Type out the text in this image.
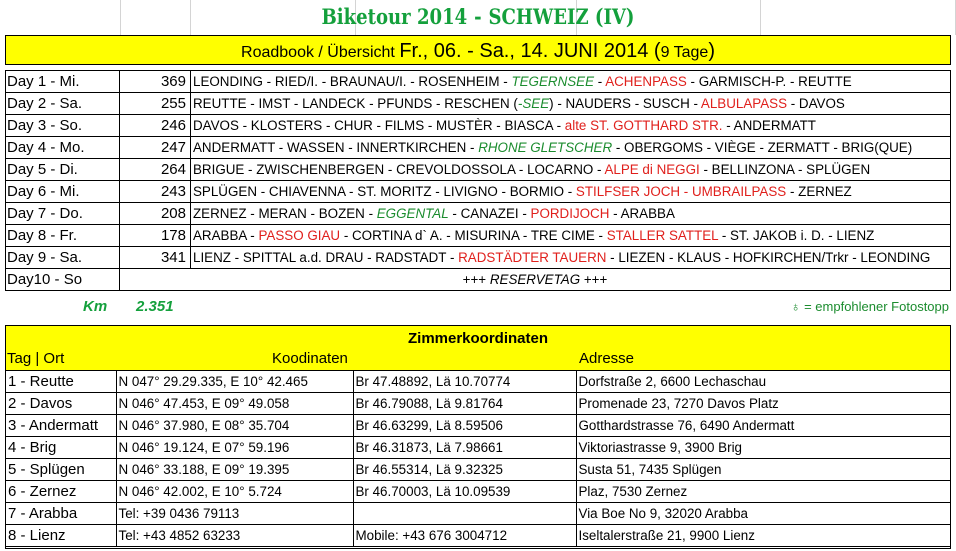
Biketour 2014 - SCHWEIZ (IV)
Roadbook / Übersicht Fr., 06. - Sa., 14. JUNI 2014 (9 Tage)
Day 1 - Mi.	369	LEONDING - RIED/I. - BRAUNAU/I. - ROSENHEIM - TEGERNSEE - ACHENPASS - GARMISCH-P. - REUTTE
Day 2 - Sa.	255	REUTTE - IMST - LANDECK - PFUNDS - RESCHEN (-SEE) - NAUDERS - SUSCH - ALBULAPASS - DAVOS
Day 3 - So.	246	DAVOS - KLOSTERS - CHUR - FILMS - MUSTÈR - BIASCA - alte ST. GOTTHARD STR. - ANDERMATT
Day 4 - Mo.	247	ANDERMATT - WASSEN - INNERTKIRCHEN - RHONE GLETSCHER - OBERGOMS - VIÈGE - ZERMATT - BRIG(QUE)
Day 5 - Di.	264	BRIGUE - ZWISCHENBERGEN - CREVOLDOSSOLA - LOCARNO - ALPE di NEGGI - BELLINZONA - SPLÜGEN
Day 6 - Mi.	243	SPLÜGEN - CHIAVENNA - ST. MORITZ - LIVIGNO - BORMIO - STILFSER JOCH - UMBRAILPASS - ZERNEZ
Day 7 - Do.	208	ZERNEZ - MERAN - BOZEN - EGGENTAL - CANAZEI - PORDIJOCH - ARABBA
Day 8 - Fr.	178	ARABBA - PASSO GIAU - CORTINA d` A. - MISURINA - TRE CIME - STALLER SATTEL - ST. JAKOB i. D. - LIENZ
Day 9 - Sa.	341	LIENZ - SPITTAL a.d. DRAU - RADSTADT - RADSTÄDTER TAUERN - LIEZEN - KLAUS - HOFKIRCHEN/Trkr - LEONDING
Day10 - So	+++ RESERVETAG +++	
Km 2.351	♁ = empfohlener Fotostopp
Zimmerkoordinaten
Tag | Ort	Koodinaten	Adresse
1 - Reutte	N 047° 29.29.335, E 10° 42.465	Br 47.48892, Lä 10.70774	Dorfstraße 2, 6600 Lechaschau
2 - Davos	N 046° 47.453, E 09° 49.058	Br 46.79088, Lä 9.81764	Promenade 23, 7270 Davos Platz
3 - Andermatt	N 046° 37.980, E 08° 35.704	Br 46.63299, Lä 8.59506	Gotthardstrasse 76, 6490 Andermatt
4 - Brig	N 046° 19.124, E 07° 59.196	Br 46.31873, Lä 7.98661	Viktoriastrasse 9, 3900 Brig
5 - Splügen	N 046° 33.188, E 09° 19.395	Br 46.55314, Lä 9.32325	Susta 51, 7435 Splügen
6 - Zernez	N 046° 42.002, E 10° 5.724	Br 46.70003, Lä 10.09539	Plaz, 7530 Zernez
7 - Arabba	Tel: +39 0436 79113		Via Boe No 9, 32020 Arabba
8 - Lienz	Tel: +43 4852 63233	Mobile: +43 676 3004712	Iseltalerstraße 21, 9900 Lienz
